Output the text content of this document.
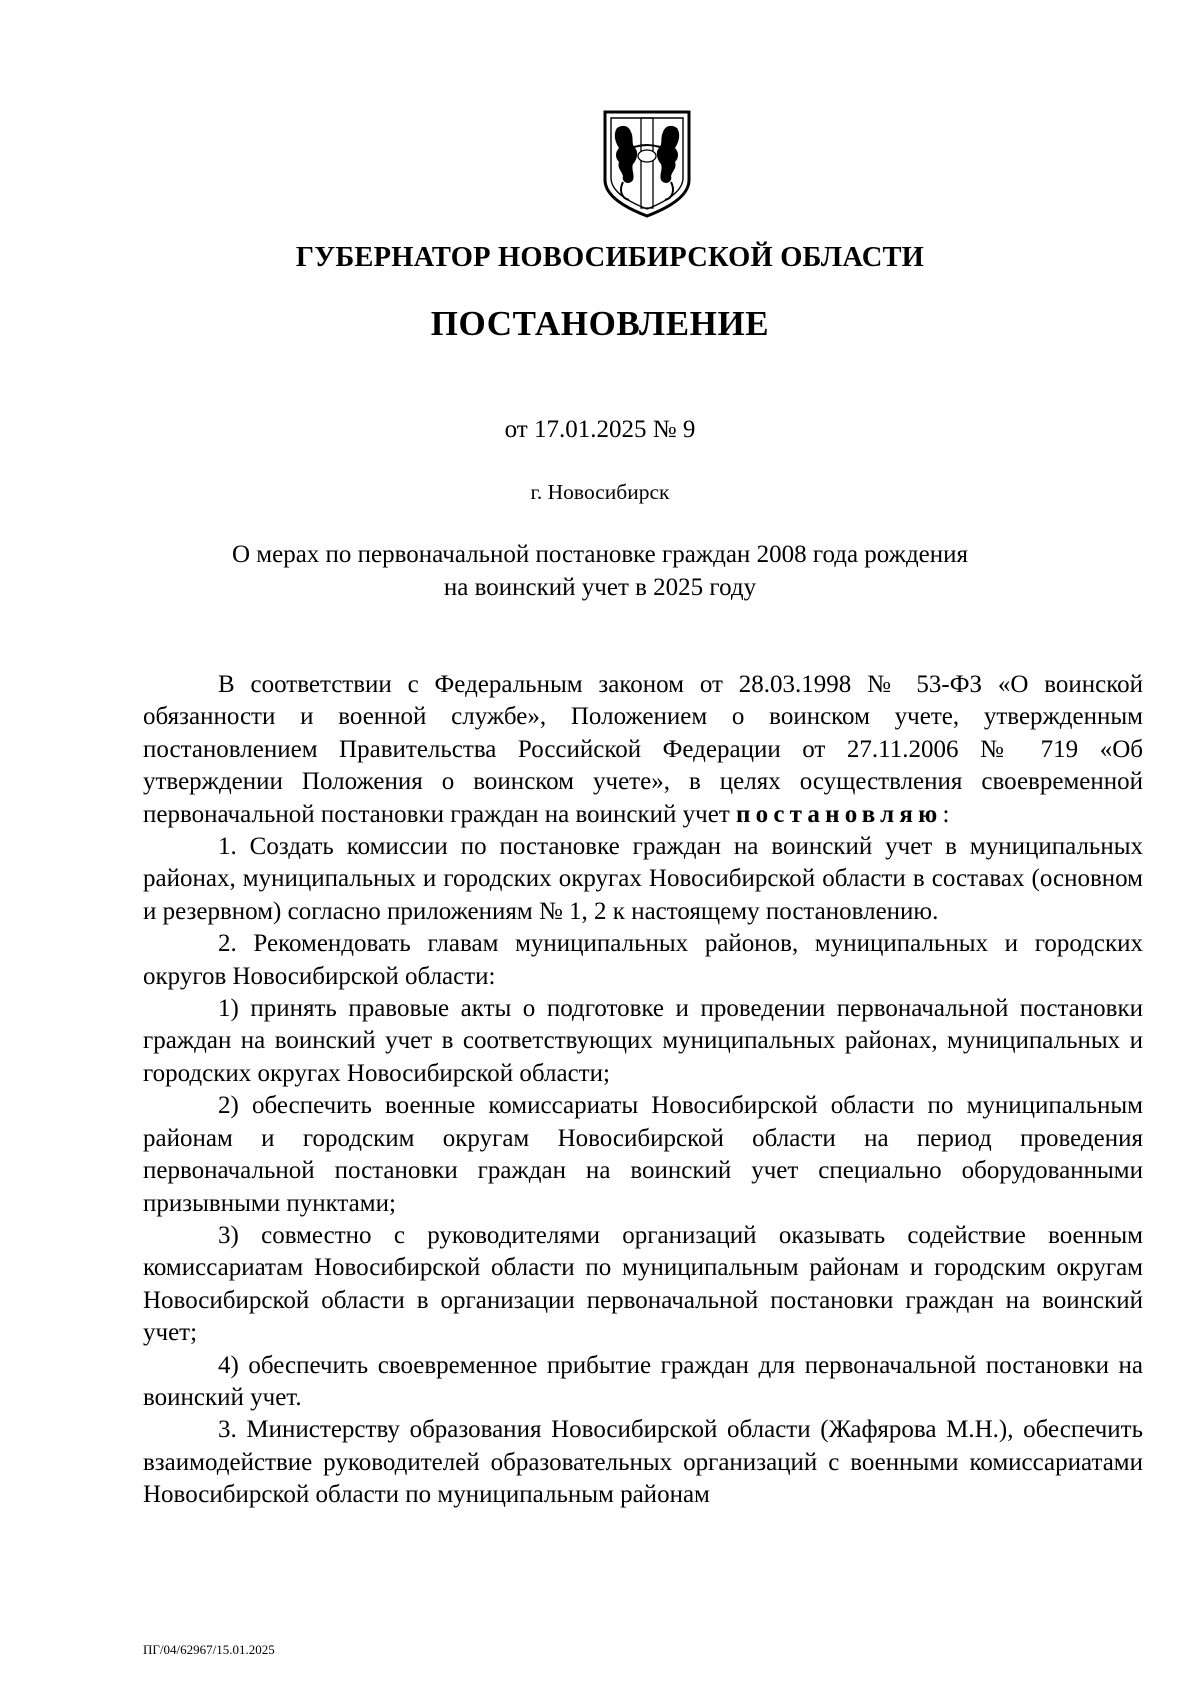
ГУБЕРНАТОР НОВОСИБИРСКОЙ ОБЛАСТИ

ПОСТАНОВЛЕНИЕ

от 17.01.2025 № 9

г. Новосибирск

О мерах по первоначальной постановке граждан 2008 года рождения
на воинский учет в 2025 году

В соответствии с Федеральным законом от 28.03.1998 № 53-ФЗ «О воинской обязанности и военной службе», Положением о воинском учете, утвержденным постановлением Правительства Российской Федерации от 27.11.2006 № 719 «Об утверждении Положения о воинском учете», в целях осуществления своевременной первоначальной постановки граждан на воинский учет постановляю:

1. Создать комиссии по постановке граждан на воинский учет в муниципальных районах, муниципальных и городских округах Новосибирской области в составах (основном и резервном) согласно приложениям № 1, 2 к настоящему постановлению.

2. Рекомендовать главам муниципальных районов, муниципальных и городских округов Новосибирской области:

1) принять правовые акты о подготовке и проведении первоначальной постановки граждан на воинский учет в соответствующих муниципальных районах, муниципальных и городских округах Новосибирской области;

2) обеспечить военные комиссариаты Новосибирской области по муниципальным районам и городским округам Новосибирской области на период проведения первоначальной постановки граждан на воинский учет специально оборудованными призывными пунктами;

3) совместно с руководителями организаций оказывать содействие военным комиссариатам Новосибирской области по муниципальным районам и городским округам Новосибирской области в организации первоначальной постановки граждан на воинский учет;

4) обеспечить своевременное прибытие граждан для первоначальной постановки на воинский учет.

3. Министерству образования Новосибирской области (Жафярова М.Н.), обеспечить взаимодействие руководителей образовательных организаций с военными комиссариатами Новосибирской области по муниципальным районам

ПГ/04/62967/15.01.2025
